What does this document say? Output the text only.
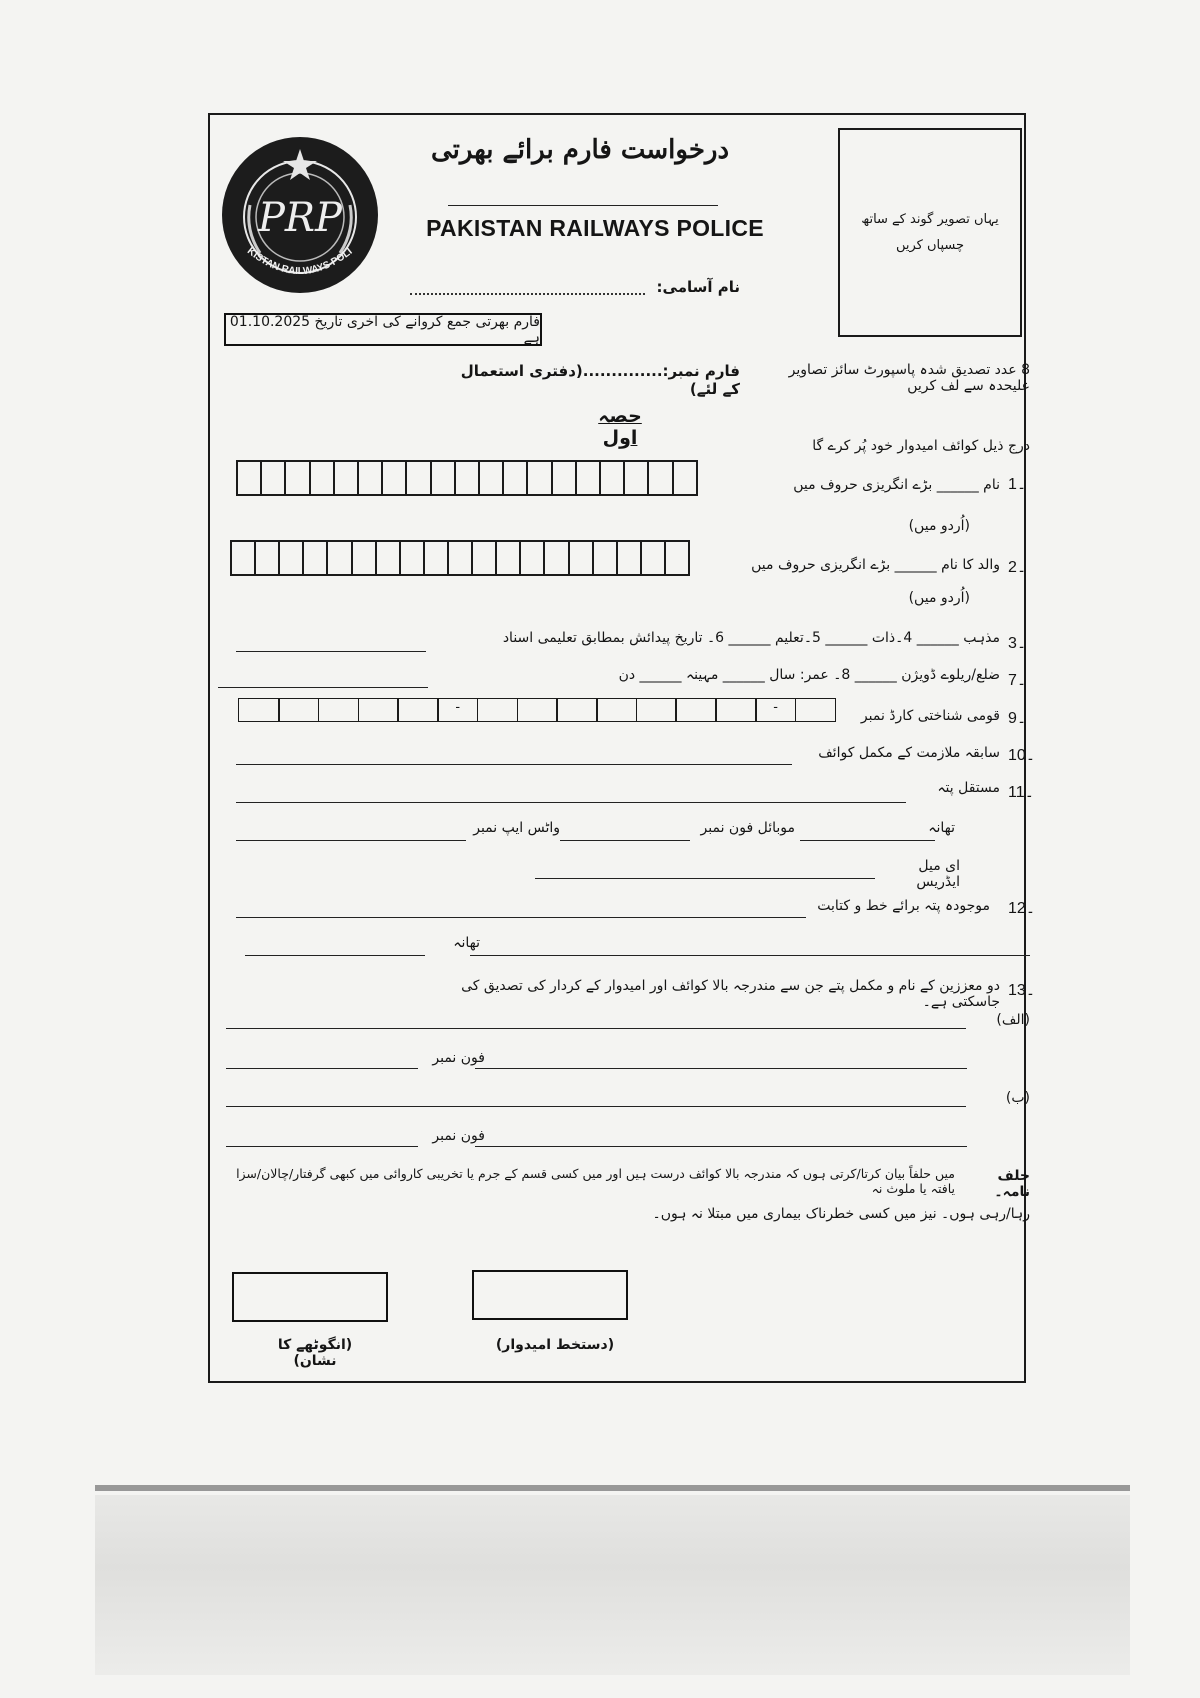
PRP
KISTAN RAILWAYS POLI
درخواست فارم برائے بھرتی
PAKISTAN RAILWAYS POLICE
نام آسامی:
یہاں تصویر گوند کے ساتھ
چسپاں کریں
فارم بھرتی جمع کروانے کی آخری تاریخ 01.10.2025 ہے
8 عدد تصدیق شدہ پاسپورٹ سائز تصاویر علیحدہ سے لف کریں
فارم نمبر:..............(دفتری استعمال کے لئے)
حصہ اول	درج ذیل کوائف امیدوار خود پُر کرے گا
1۔
نام ______ بڑے انگریزی حروف میں
(اُردو میں)
2۔
والد کا نام ______ بڑے انگریزی حروف میں
(اُردو میں)
3۔
مذہب ______ 4۔ذات ______ 5۔تعلیم ______ 6۔ تاریخ پیدائش بمطابق تعلیمی اسناد
7۔
ضلع/ریلوے ڈویژن ______ 8۔ عمر: سال ______ مہینہ ______ دن
9۔
قومی شناختی کارڈ نمبر
-	-
10۔
سابقہ ملازمت کے مکمل کوائف
11۔
مستقل پتہ
تھانہ
موبائل فون نمبر
واٹس ایپ نمبر
ای میل ایڈریس
12۔
موجودہ پتہ برائے خط و کتابت
تھانہ
13۔
دو معززین کے نام و مکمل پتے جن سے مندرجہ بالا کوائف اور امیدوار کے کردار کی تصدیق کی جاسکتی ہے۔
(الف)
فون نمبر
(ب)
فون نمبر
حلف نامہ۔
میں حلفاً بیان کرتا/کرتی ہوں کہ مندرجہ بالا کوائف درست ہیں اور میں کسی قسم کے جرم یا تخریبی کاروائی میں کبھی گرفتار/چالان/سزا یافتہ یا ملوث نہ
رہا/رہی ہوں۔ نیز میں کسی خطرناک بیماری میں مبتلا نہ ہوں۔
(انگوٹھے کا نشان)
(دستخط امیدوار)
